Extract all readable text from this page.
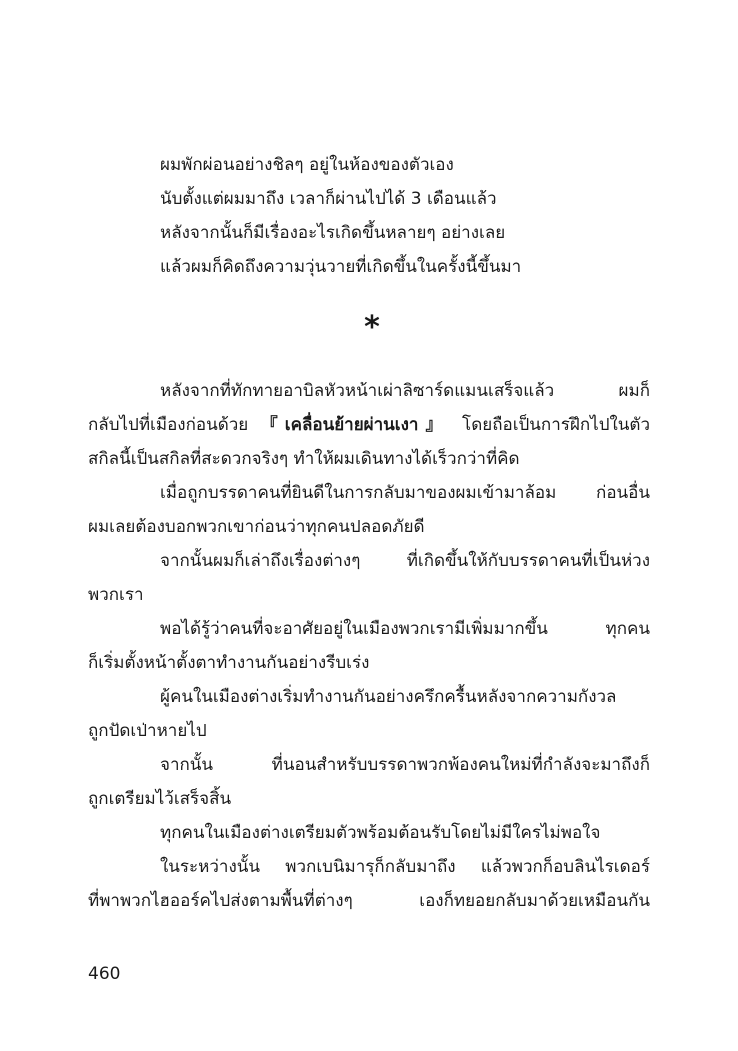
ผมพักผ่อนอย่างชิลๆ อยู่ในห้องของตัวเอง
นับตั้งแต่ผมมาถึง เวลาก็ผ่านไปได้ 3 เดือนแล้ว
หลังจากนั้นก็มีเรื่องอะไรเกิดขึ้นหลายๆ อย่างเลย
แล้วผมก็คิดถึงความวุ่นวายที่เกิดขึ้นในครั้งนี้ขึ้นมา
*
หลังจากที่ทักทายอาบิลหัวหน้าเผ่าลิซาร์ดแมนเสร็จแล้ว ผมก็
กลับไปที่เมืองก่อนด้วย 『เคลื่อนย้ายผ่านเงา』 โดยถือเป็นการฝึกไปในตัว
สกิลนี้เป็นสกิลที่สะดวกจริงๆ ทำให้ผมเดินทางได้เร็วกว่าที่คิด
เมื่อถูกบรรดาคนที่ยินดีในการกลับมาของผมเข้ามาล้อม ก่อนอื่น
ผมเลยต้องบอกพวกเขาก่อนว่าทุกคนปลอดภัยดี
จากนั้นผมก็เล่าถึงเรื่องต่างๆ ที่เกิดขึ้นให้กับบรรดาคนที่เป็นห่วง
พวกเรา
พอได้รู้ว่าคนที่จะอาศัยอยู่ในเมืองพวกเรามีเพิ่มมากขึ้น ทุกคน
ก็เริ่มตั้งหน้าตั้งตาทำงานกันอย่างรีบเร่ง
ผู้คนในเมืองต่างเริ่มทำงานกันอย่างครึกครื้นหลังจากความกังวล
ถูกปัดเป่าหายไป
จากนั้น ที่นอนสำหรับบรรดาพวกพ้องคนใหม่ที่กำลังจะมาถึงก็
ถูกเตรียมไว้เสร็จสิ้น
ทุกคนในเมืองต่างเตรียมตัวพร้อมต้อนรับโดยไม่มีใครไม่พอใจ
ในระหว่างนั้น พวกเบนิมารุก็กลับมาถึง แล้วพวกก็อบลินไรเดอร์
ที่พาพวกไฮออร์คไปส่งตามพื้นที่ต่างๆ เองก็ทยอยกลับมาด้วยเหมือนกัน
460
